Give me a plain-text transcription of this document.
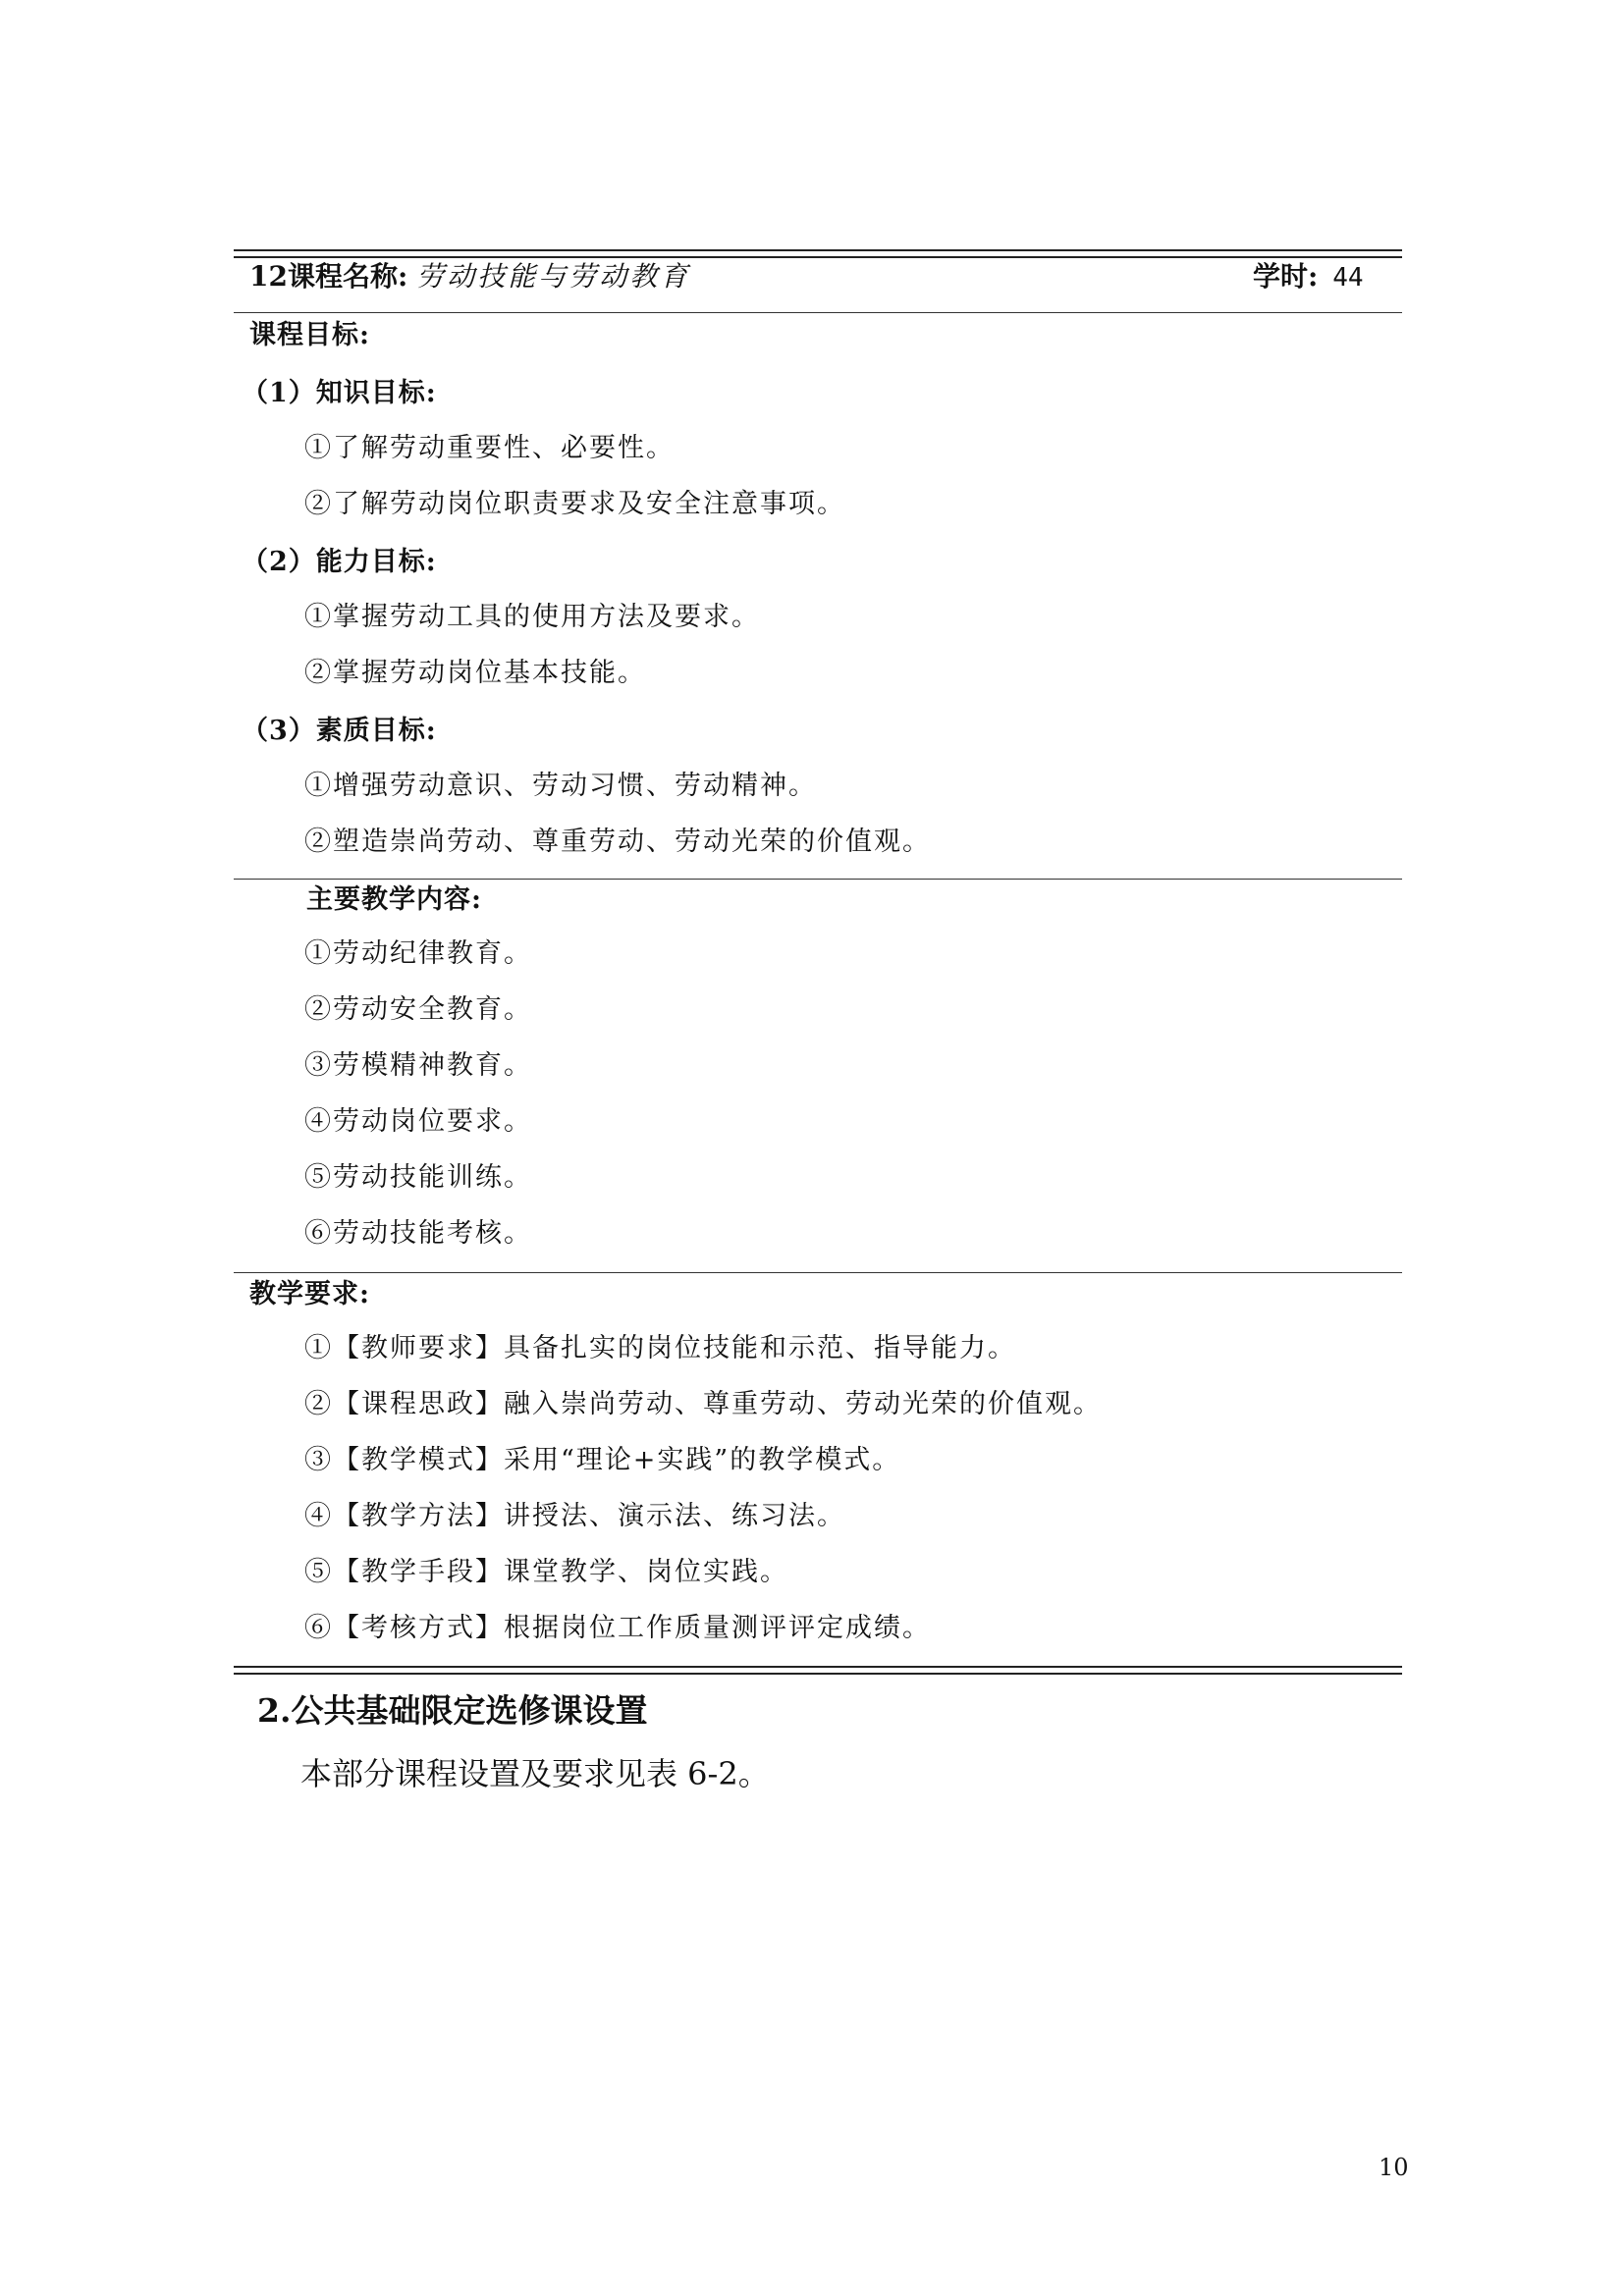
12课程名称: 劳动技能与劳动教育	学时: 44
课程目标:
（1）知识目标:
①了解劳动重要性、必要性。
②了解劳动岗位职责要求及安全注意事项。
（2）能力目标:
①掌握劳动工具的使用方法及要求。
②掌握劳动岗位基本技能。
（3）素质目标:
①增强劳动意识、劳动习惯、劳动精神。
②塑造崇尚劳动、尊重劳动、劳动光荣的价值观。
主要教学内容:
①劳动纪律教育。
②劳动安全教育。
③劳模精神教育。
④劳动岗位要求。
⑤劳动技能训练。
⑥劳动技能考核。
教学要求:
①【教师要求】具备扎实的岗位技能和示范、指导能力。
②【课程思政】融入崇尚劳动、尊重劳动、劳动光荣的价值观。
③【教学模式】采用“理论+实践”的教学模式。
④【教学方法】讲授法、演示法、练习法。
⑤【教学手段】课堂教学、岗位实践。
⑥【考核方式】根据岗位工作质量测评评定成绩。
2.公共基础限定选修课设置
本部分课程设置及要求见表 6-2。
10
